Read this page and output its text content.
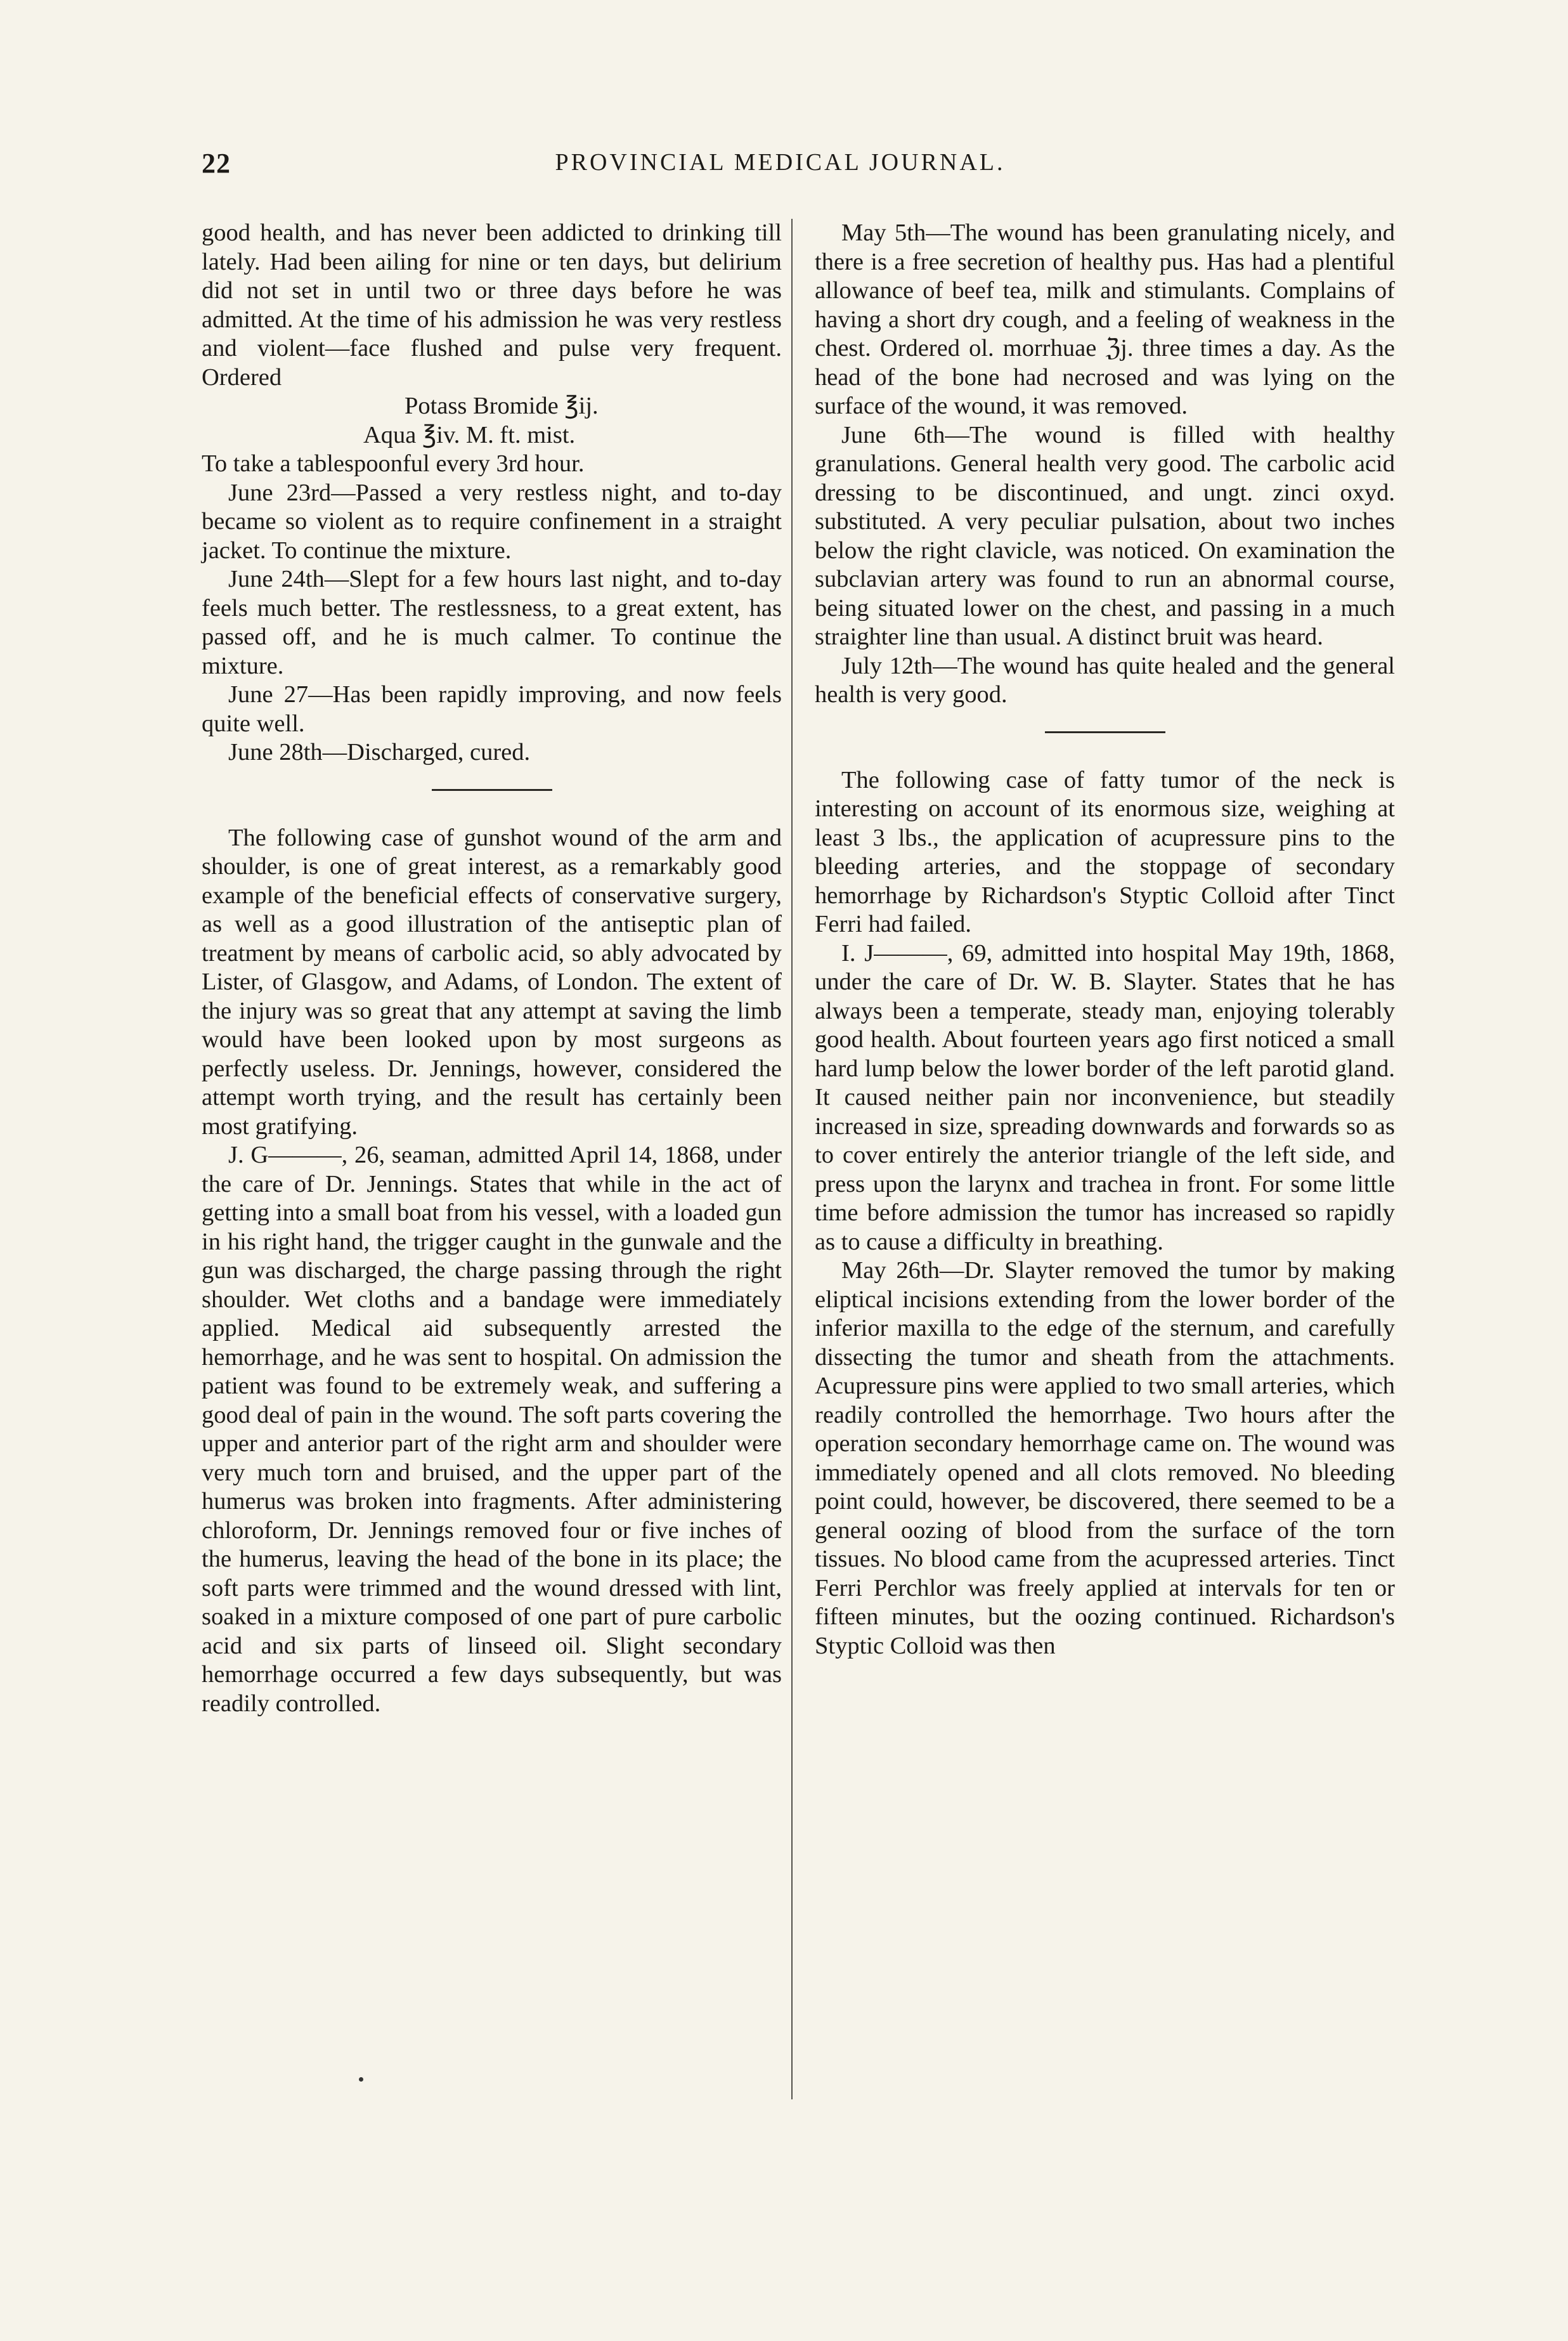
22	PROVINCIAL MEDICAL JOURNAL.

good health, and has never been addicted to drinking till lately. Had been ailing for nine or ten days, but delirium did not set in until two or three days before he was admitted. At the time of his admission he was very restless and violent—face flushed and pulse very frequent. Ordered

Potass Bromide ℥ij.

Aqua ℥iv. M. ft. mist.

To take a tablespoonful every 3rd hour.

June 23rd—Passed a very restless night, and to-day became so violent as to require confinement in a straight jacket. To continue the mixture.

June 24th—Slept for a few hours last night, and to-day feels much better. The restlessness, to a great extent, has passed off, and he is much calmer. To continue the mixture.

June 27—Has been rapidly improving, and now feels quite well.

June 28th—Discharged, cured.

The following case of gunshot wound of the arm and shoulder, is one of great interest, as a remarkably good example of the beneficial effects of conservative surgery, as well as a good illustration of the antiseptic plan of treatment by means of carbolic acid, so ably advocated by Lister, of Glasgow, and Adams, of London. The extent of the injury was so great that any attempt at saving the limb would have been looked upon by most surgeons as perfectly useless. Dr. Jennings, however, considered the attempt worth trying, and the result has certainly been most gratifying.

J. G———, 26, seaman, admitted April 14, 1868, under the care of Dr. Jennings. States that while in the act of getting into a small boat from his vessel, with a loaded gun in his right hand, the trigger caught in the gunwale and the gun was discharged, the charge passing through the right shoulder. Wet cloths and a bandage were immediately applied. Medical aid subsequently arrested the hemorrhage, and he was sent to hospital. On admission the patient was found to be extremely weak, and suffering a good deal of pain in the wound. The soft parts covering the upper and anterior part of the right arm and shoulder were very much torn and bruised, and the upper part of the humerus was broken into fragments. After administering chloroform, Dr. Jennings removed four or five inches of the humerus, leaving the head of the bone in its place; the soft parts were trimmed and the wound dressed with lint, soaked in a mixture composed of one part of pure carbolic acid and six parts of linseed oil. Slight secondary hemorrhage occurred a few days subsequently, but was readily controlled.

May 5th—The wound has been granulating nicely, and there is a free secretion of healthy pus. Has had a plentiful allowance of beef tea, milk and stimulants. Complains of having a short dry cough, and a feeling of weakness in the chest. Ordered ol. morrhuae ℨj. three times a day. As the head of the bone had necrosed and was lying on the surface of the wound, it was removed.

June 6th—The wound is filled with healthy granulations. General health very good. The carbolic acid dressing to be discontinued, and ungt. zinci oxyd. substituted. A very peculiar pulsation, about two inches below the right clavicle, was noticed. On examination the subclavian artery was found to run an abnormal course, being situated lower on the chest, and passing in a much straighter line than usual. A distinct bruit was heard.

July 12th—The wound has quite healed and the general health is very good.

The following case of fatty tumor of the neck is interesting on account of its enormous size, weighing at least 3 lbs., the application of acupressure pins to the bleeding arteries, and the stoppage of secondary hemorrhage by Richardson's Styptic Colloid after Tinct Ferri had failed.

I. J———, 69, admitted into hospital May 19th, 1868, under the care of Dr. W. B. Slayter. States that he has always been a temperate, steady man, enjoying tolerably good health. About fourteen years ago first noticed a small hard lump below the lower border of the left parotid gland. It caused neither pain nor inconvenience, but steadily increased in size, spreading downwards and forwards so as to cover entirely the anterior triangle of the left side, and press upon the larynx and trachea in front. For some little time before admission the tumor has increased so rapidly as to cause a difficulty in breathing.

May 26th—Dr. Slayter removed the tumor by making eliptical incisions extending from the lower border of the inferior maxilla to the edge of the sternum, and carefully dissecting the tumor and sheath from the attachments. Acupressure pins were applied to two small arteries, which readily controlled the hemorrhage. Two hours after the operation secondary hemorrhage came on. The wound was immediately opened and all clots removed. No bleeding point could, however, be discovered, there seemed to be a general oozing of blood from the surface of the torn tissues. No blood came from the acupressed arteries. Tinct Ferri Perchlor was freely applied at intervals for ten or fifteen minutes, but the oozing continued. Richardson's Styptic Colloid was then
